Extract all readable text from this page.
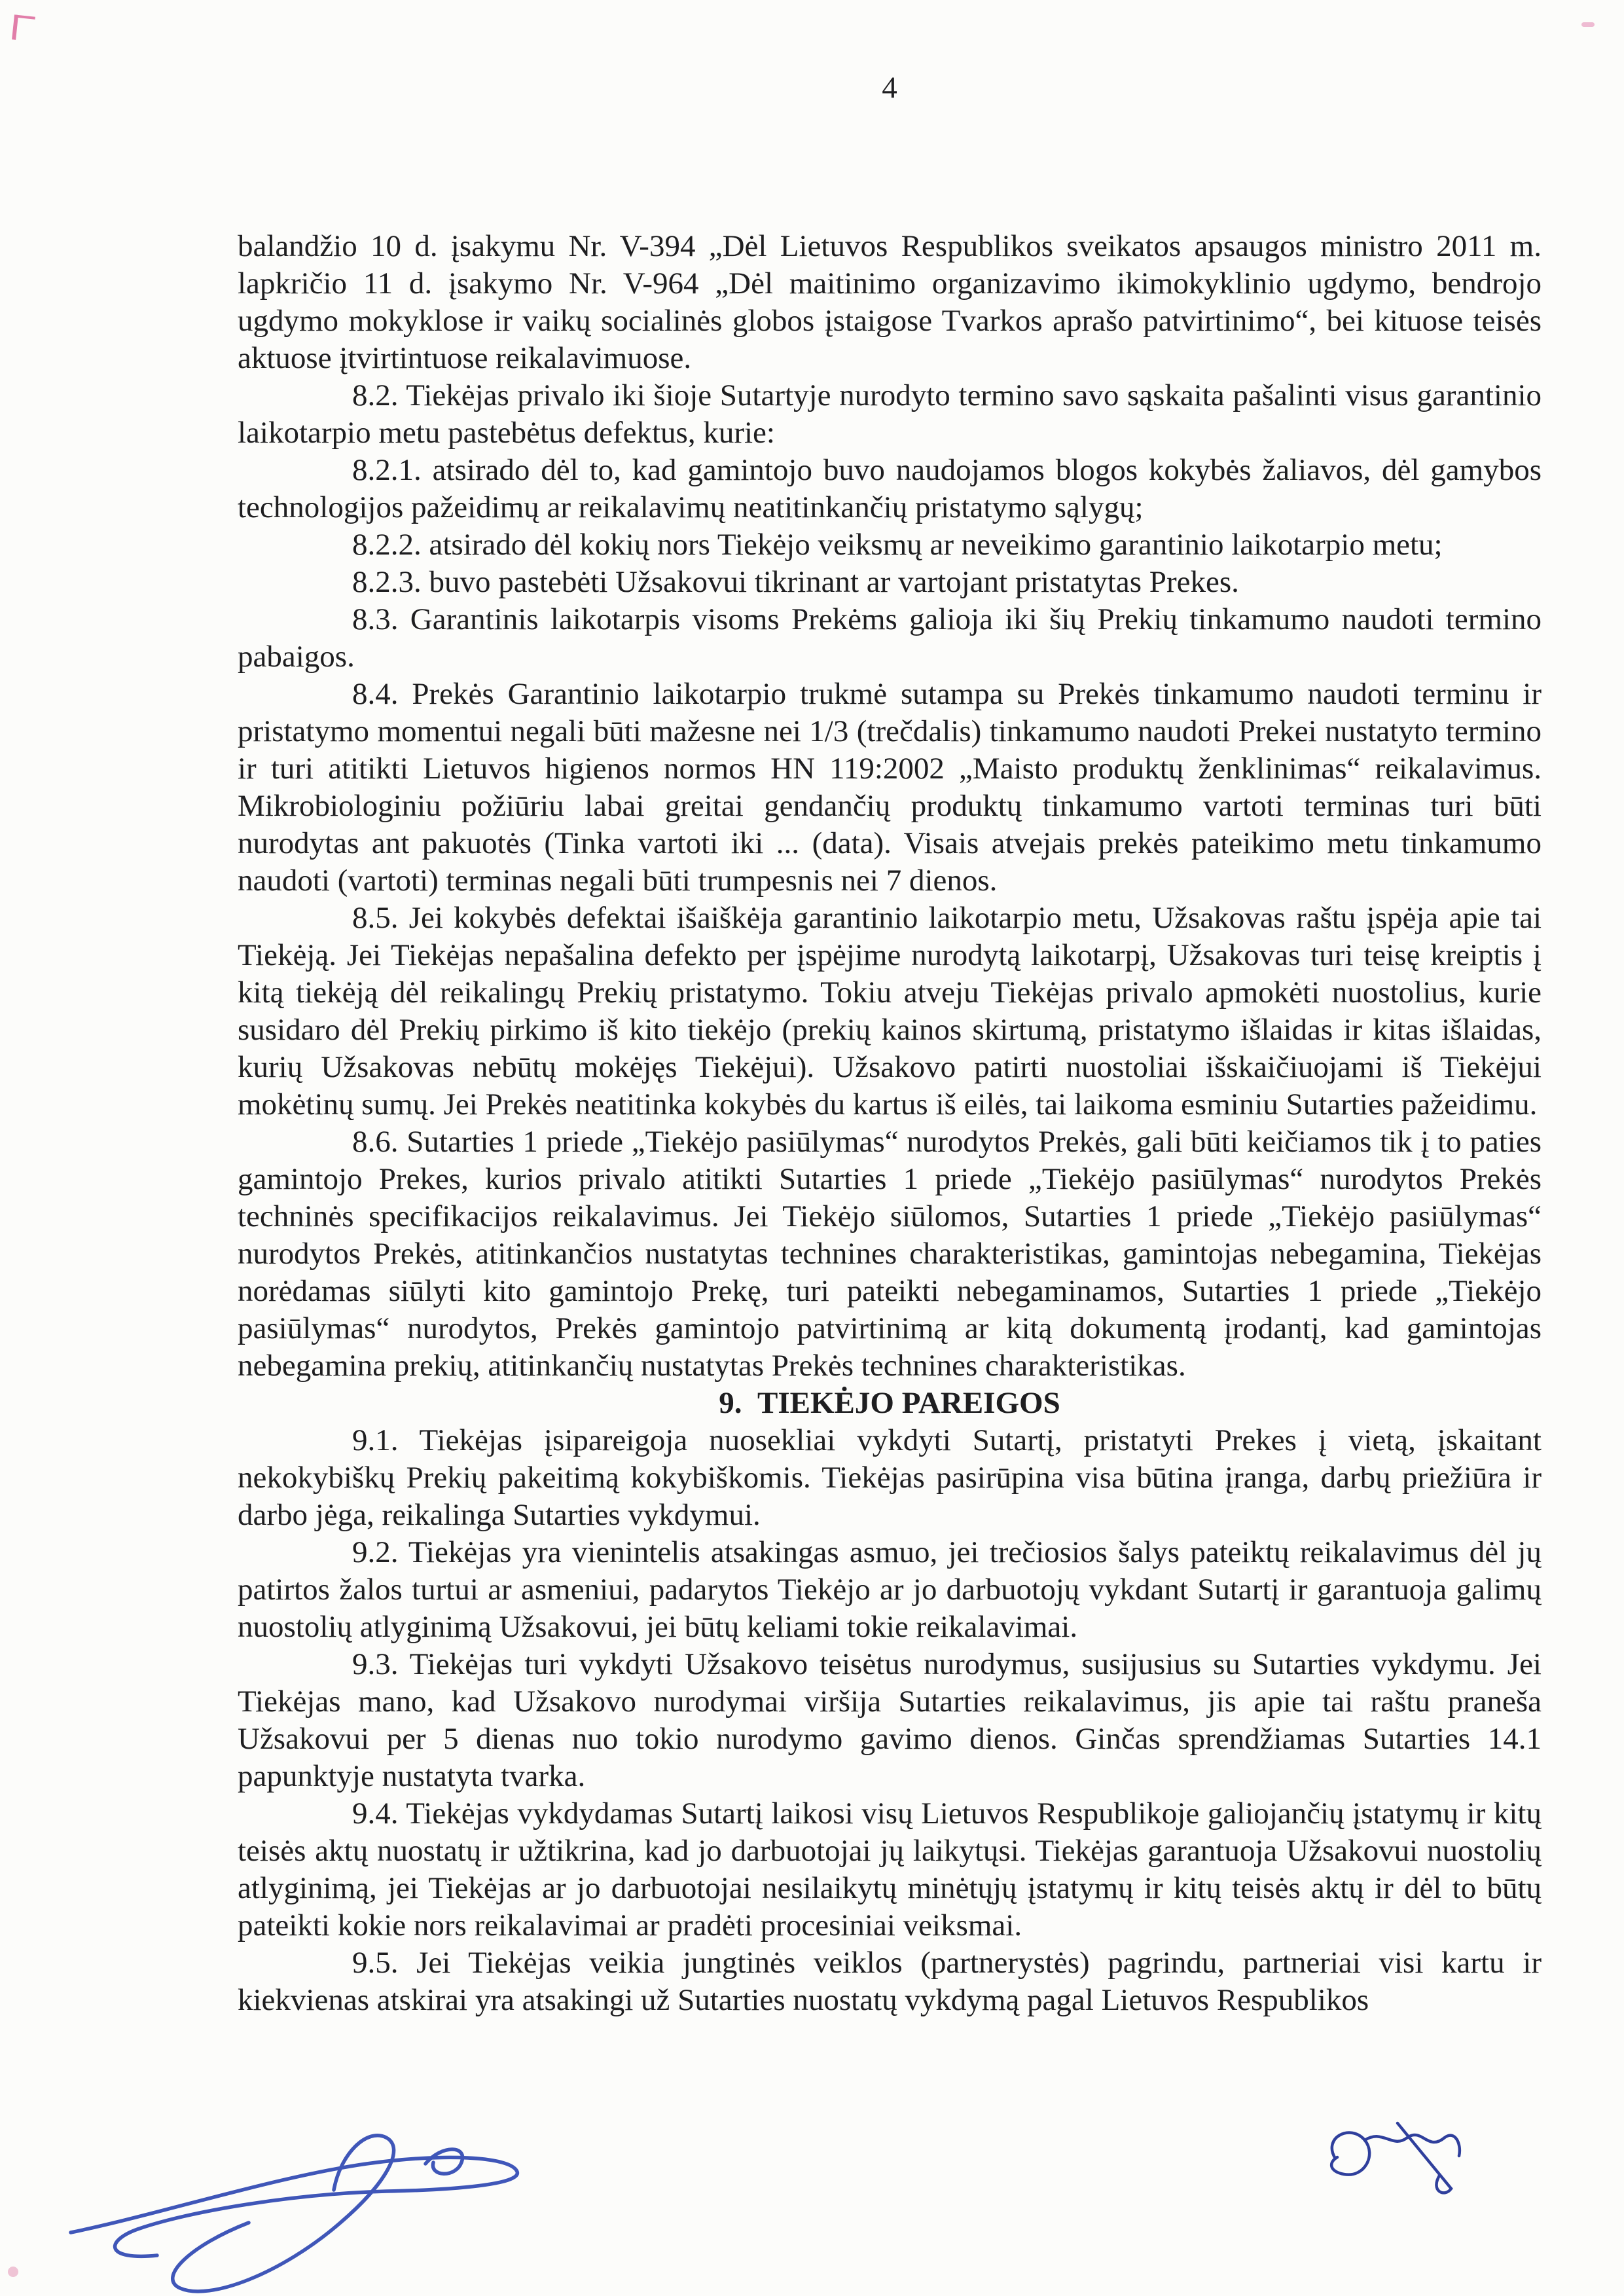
4

balandžio 10 d. įsakymu Nr. V-394 „Dėl Lietuvos Respublikos sveikatos apsaugos ministro 2011 m. lapkričio 11 d. įsakymo Nr. V-964 „Dėl maitinimo organizavimo ikimokyklinio ugdymo, bendrojo ugdymo mokyklose ir vaikų socialinės globos įstaigose Tvarkos aprašo patvirtinimo“, bei kituose teisės aktuose įtvirtintuose reikalavimuose.

8.2. Tiekėjas privalo iki šioje Sutartyje nurodyto termino savo sąskaita pašalinti visus garantinio laikotarpio metu pastebėtus defektus, kurie:

8.2.1. atsirado dėl to, kad gamintojo buvo naudojamos blogos kokybės žaliavos, dėl gamybos technologijos pažeidimų ar reikalavimų neatitinkančių pristatymo sąlygų;

8.2.2. atsirado dėl kokių nors Tiekėjo veiksmų ar neveikimo garantinio laikotarpio metu;

8.2.3. buvo pastebėti Užsakovui tikrinant ar vartojant pristatytas Prekes.

8.3. Garantinis laikotarpis visoms Prekėms galioja iki šių Prekių tinkamumo naudoti termino pabaigos.

8.4. Prekės Garantinio laikotarpio trukmė sutampa su Prekės tinkamumo naudoti terminu ir pristatymo momentui negali būti mažesne nei 1/3 (trečdalis) tinkamumo naudoti Prekei nustatyto termino ir turi atitikti Lietuvos higienos normos HN 119:2002 „Maisto produktų ženklinimas“ reikalavimus. Mikrobiologiniu požiūriu labai greitai gendančių produktų tinkamumo vartoti terminas turi būti nurodytas ant pakuotės (Tinka vartoti iki ... (data). Visais atvejais prekės pateikimo metu tinkamumo naudoti (vartoti) terminas negali būti trumpesnis nei 7 dienos.

8.5. Jei kokybės defektai išaiškėja garantinio laikotarpio metu, Užsakovas raštu įspėja apie tai Tiekėją. Jei Tiekėjas nepašalina defekto per įspėjime nurodytą laikotarpį, Užsakovas turi teisę kreiptis į kitą tiekėją dėl reikalingų Prekių pristatymo. Tokiu atveju Tiekėjas privalo apmokėti nuostolius, kurie susidaro dėl Prekių pirkimo iš kito tiekėjo (prekių kainos skirtumą, pristatymo išlaidas ir kitas išlaidas, kurių Užsakovas nebūtų mokėjęs Tiekėjui). Užsakovo patirti nuostoliai išskaičiuojami iš Tiekėjui mokėtinų sumų. Jei Prekės neatitinka kokybės du kartus iš eilės, tai laikoma esminiu Sutarties pažeidimu.

8.6. Sutarties 1 priede „Tiekėjo pasiūlymas“ nurodytos Prekės, gali būti keičiamos tik į to paties gamintojo Prekes, kurios privalo atitikti Sutarties 1 priede „Tiekėjo pasiūlymas“ nurodytos Prekės techninės specifikacijos reikalavimus. Jei Tiekėjo siūlomos, Sutarties 1 priede „Tiekėjo pasiūlymas“ nurodytos Prekės, atitinkančios nustatytas technines charakteristikas, gamintojas nebegamina, Tiekėjas norėdamas siūlyti kito gamintojo Prekę, turi pateikti nebegaminamos, Sutarties 1 priede „Tiekėjo pasiūlymas“ nurodytos, Prekės gamintojo patvirtinimą ar kitą dokumentą įrodantį, kad gamintojas nebegamina prekių, atitinkančių nustatytas Prekės technines charakteristikas.

9.  TIEKĖJO PAREIGOS

9.1. Tiekėjas įsipareigoja nuosekliai vykdyti Sutartį, pristatyti Prekes į vietą, įskaitant nekokybiškų Prekių pakeitimą kokybiškomis. Tiekėjas pasirūpina visa būtina įranga, darbų priežiūra ir darbo jėga, reikalinga Sutarties vykdymui.

9.2. Tiekėjas yra vienintelis atsakingas asmuo, jei trečiosios šalys pateiktų reikalavimus dėl jų patirtos žalos turtui ar asmeniui, padarytos Tiekėjo ar jo darbuotojų vykdant Sutartį ir garantuoja galimų nuostolių atlyginimą Užsakovui, jei būtų keliami tokie reikalavimai.

9.3. Tiekėjas turi vykdyti Užsakovo teisėtus nurodymus, susijusius su Sutarties vykdymu. Jei Tiekėjas mano, kad Užsakovo nurodymai viršija Sutarties reikalavimus, jis apie tai raštu praneša Užsakovui per 5 dienas nuo tokio nurodymo gavimo dienos. Ginčas sprendžiamas Sutarties 14.1 papunktyje nustatyta tvarka.

9.4. Tiekėjas vykdydamas Sutartį laikosi visų Lietuvos Respublikoje galiojančių įstatymų ir kitų teisės aktų nuostatų ir užtikrina, kad jo darbuotojai jų laikytųsi. Tiekėjas garantuoja Užsakovui nuostolių atlyginimą, jei Tiekėjas ar jo darbuotojai nesilaikytų minėtųjų įstatymų ir kitų teisės aktų ir dėl to būtų pateikti kokie nors reikalavimai ar pradėti procesiniai veiksmai.

9.5. Jei Tiekėjas veikia jungtinės veiklos (partnerystės) pagrindu, partneriai visi kartu ir kiekvienas atskirai yra atsakingi už Sutarties nuostatų vykdymą pagal Lietuvos Respublikos
